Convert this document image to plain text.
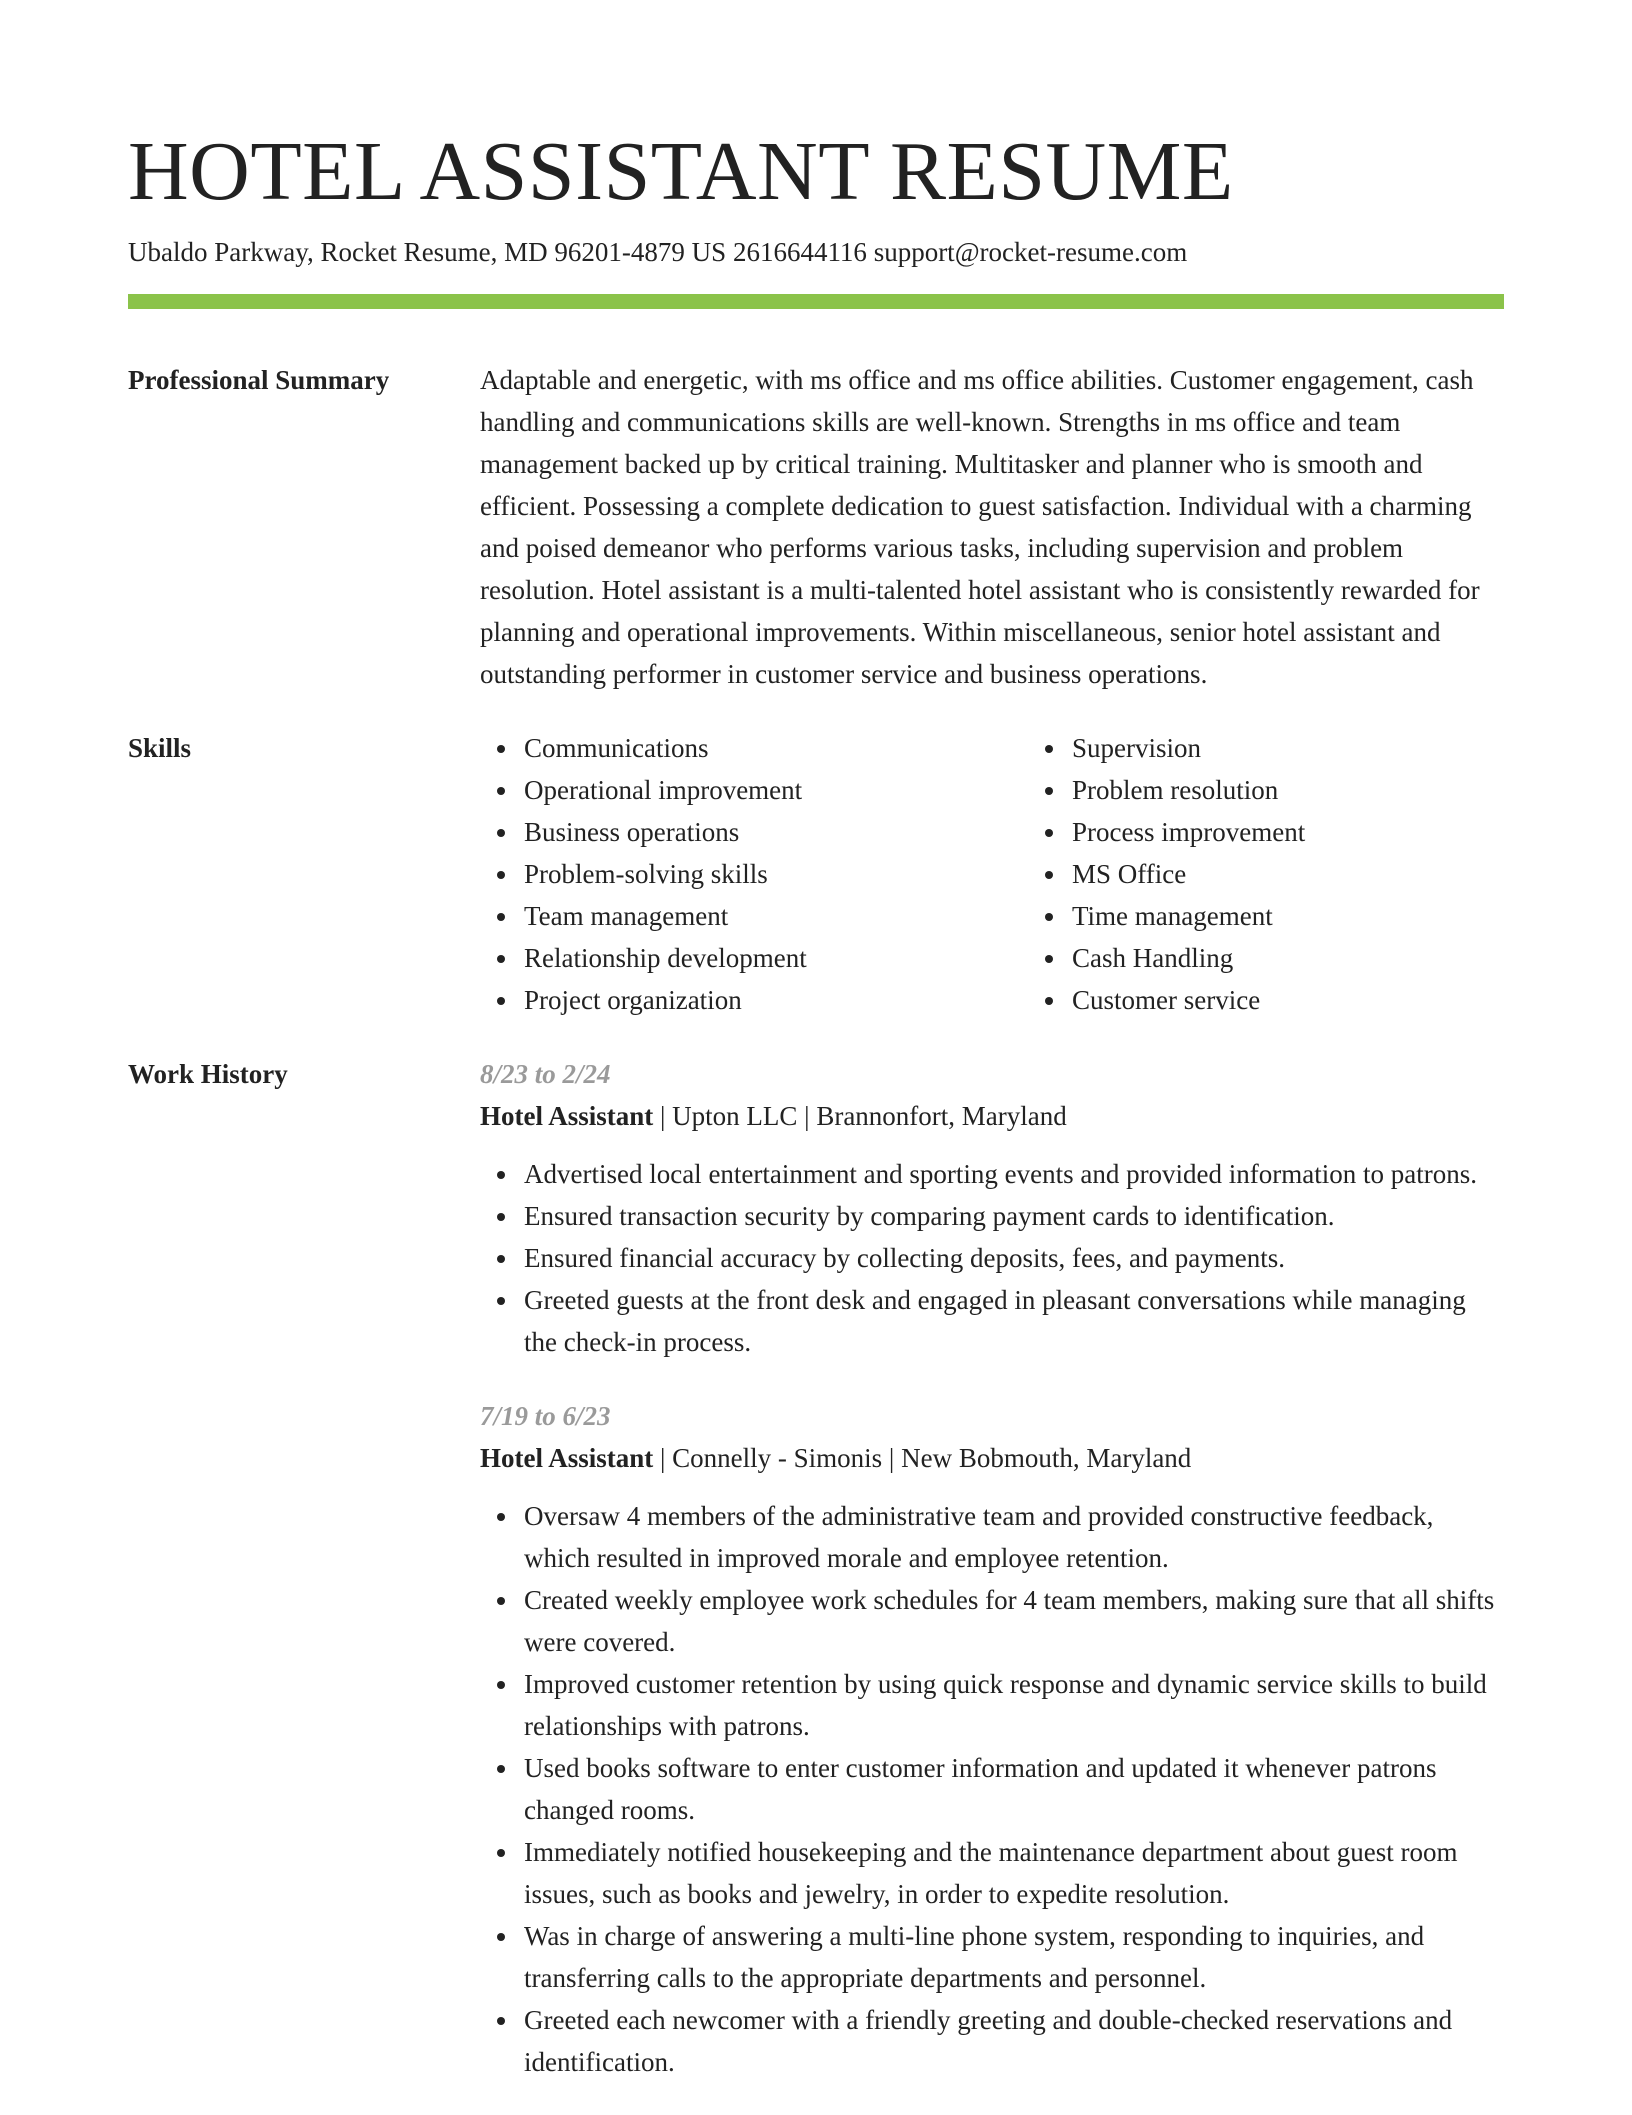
HOTEL ASSISTANT RESUME
Ubaldo Parkway, Rocket Resume, MD 96201-4879 US 2616644116 support@rocket-resume.com
Professional Summary	Adaptable and energetic, with ms office and ms office abilities. Customer engagement, cash handling and communications skills are well-known. Strengths in ms office and team management backed up by critical training. Multitasker and planner who is smooth and efficient. Possessing a complete dedication to guest satisfaction. Individual with a charming and poised demeanor who performs various tasks, including supervision and problem resolution. Hotel assistant is a multi-talented hotel assistant who is consistently rewarded for planning and operational improvements. Within miscellaneous, senior hotel assistant and outstanding performer in customer service and business operations.

Skills	Communications
Operational improvement
Business operations
Problem-solving skills
Team management
Relationship development
Project organization
Supervision
Problem resolution
Process improvement
MS Office
Time management
Cash Handling
Customer service
Work History	8/23 to 2/24
Hotel Assistant | Upton LLC | Brannonfort, Maryland
Advertised local entertainment and sporting events and provided information to patrons.
Ensured transaction security by comparing payment cards to identification.
Ensured financial accuracy by collecting deposits, fees, and payments.
Greeted guests at the front desk and engaged in pleasant conversations while managing the check-in process.
7/19 to 6/23
Hotel Assistant | Connelly - Simonis | New Bobmouth, Maryland
Oversaw 4 members of the administrative team and provided constructive feedback, which resulted in improved morale and employee retention.
Created weekly employee work schedules for 4 team members, making sure that all shifts were covered.
Improved customer retention by using quick response and dynamic service skills to build relationships with patrons.
Used books software to enter customer information and updated it whenever patrons changed rooms.
Immediately notified housekeeping and the maintenance department about guest room issues, such as books and jewelry, in order to expedite resolution.
Was in charge of answering a multi-line phone system, responding to inquiries, and transferring calls to the appropriate departments and personnel.
Greeted each newcomer with a friendly greeting and double-checked reservations and identification.
